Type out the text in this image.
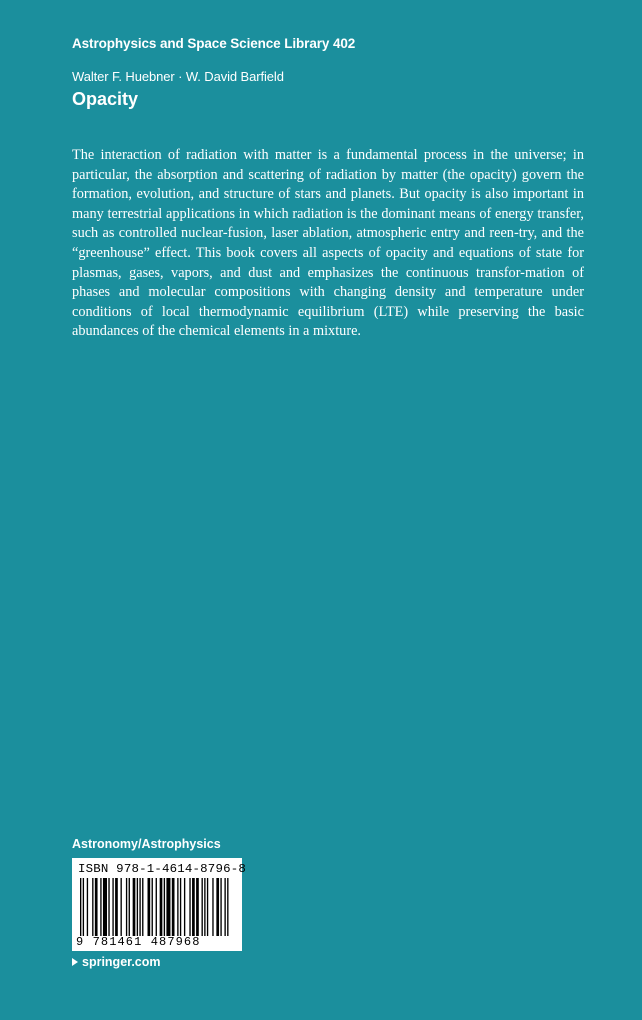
Astrophysics and Space Science Library 402
Walter F. Huebner · W. David Barfield
Opacity

The interaction of radiation with matter is a fundamental process in the universe; in particular, the absorption and scattering of radiation by matter (the opacity) govern the formation, evolution, and structure of stars and planets. But opacity is also important in many terrestrial applications in which radiation is the dominant means of energy transfer, such as controlled nuclear-fusion, laser ablation, atmospheric entry and reen-try, and the “greenhouse” effect. This book covers all aspects of opacity and equations of state for plasmas, gases, vapors, and dust and emphasizes the continuous transfor-mation of phases and molecular compositions with changing density and temperature under conditions of local thermodynamic equilibrium (LTE) while preserving the basic abundances of the chemical elements in a mixture.

Astronomy/Astrophysics
ISBN 978-1-4614-8796-8
9 781461 487968
springer.com
